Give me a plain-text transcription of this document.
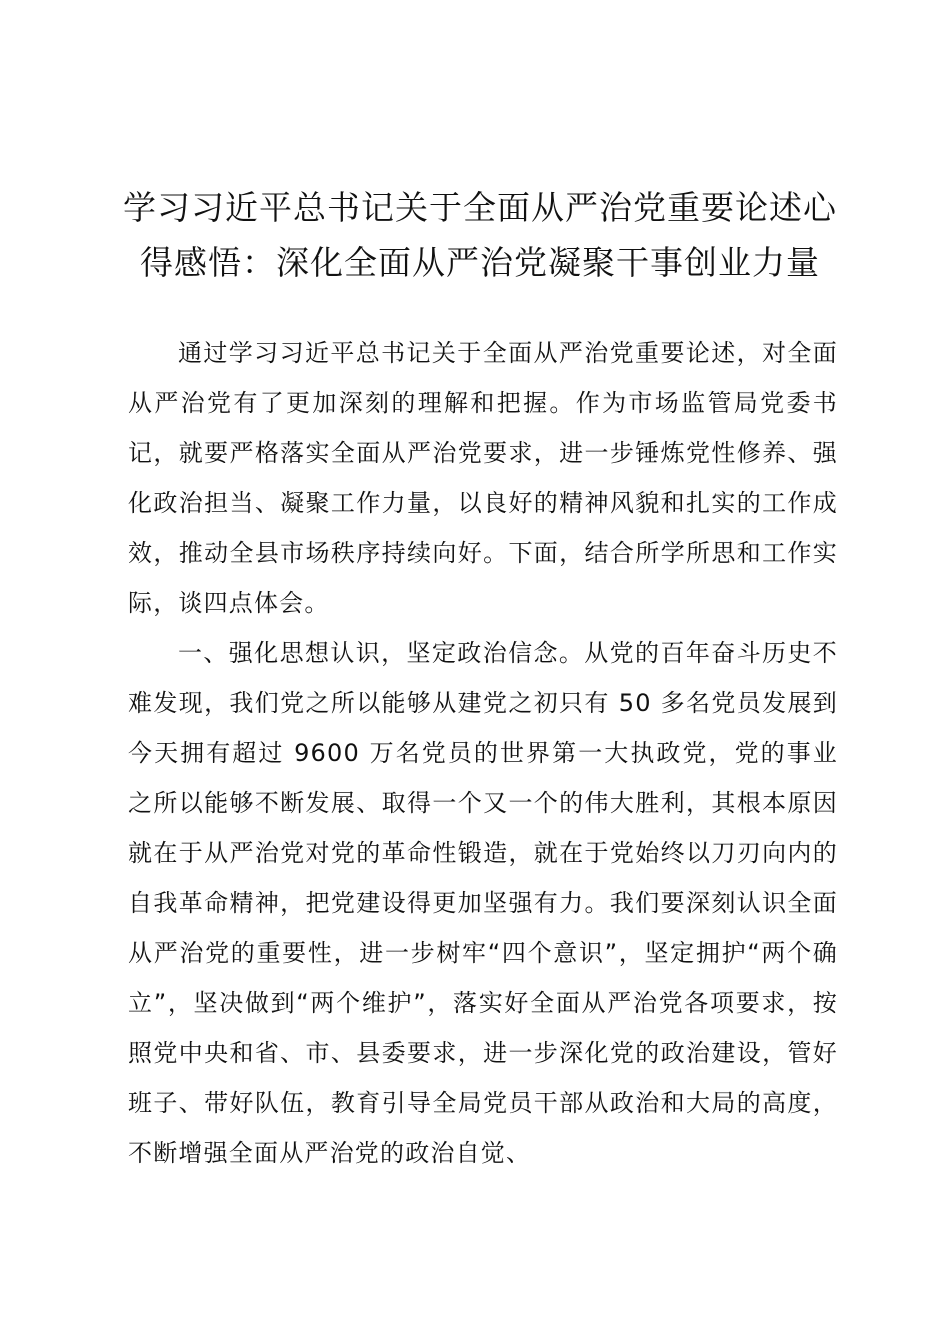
学习习近平总书记关于全面从严治党重要论述心得感悟：深化全面从严治党凝聚干事创业力量

通过学习习近平总书记关于全面从严治党重要论述，对全面从严治党有了更加深刻的理解和把握。作为市场监管局党委书记，就要严格落实全面从严治党要求，进一步锤炼党性修养、强化政治担当、凝聚工作力量，以良好的精神风貌和扎实的工作成效，推动全县市场秩序持续向好。下面，结合所学所思和工作实际，谈四点体会。

一、强化思想认识，坚定政治信念。从党的百年奋斗历史不难发现，我们党之所以能够从建党之初只有 50 多名党员发展到今天拥有超过 9600 万名党员的世界第一大执政党，党的事业之所以能够不断发展、取得一个又一个的伟大胜利，其根本原因就在于从严治党对党的革命性锻造，就在于党始终以刀刃向内的自我革命精神，把党建设得更加坚强有力。我们要深刻认识全面从严治党的重要性，进一步树牢“四个意识”，坚定拥护“两个确立”，坚决做到“两个维护”，落实好全面从严治党各项要求，按照党中央和省、市、县委要求，进一步深化党的政治建设，管好班子、带好队伍，教育引导全局党员干部从政治和大局的高度，不断增强全面从严治党的政治自觉、
